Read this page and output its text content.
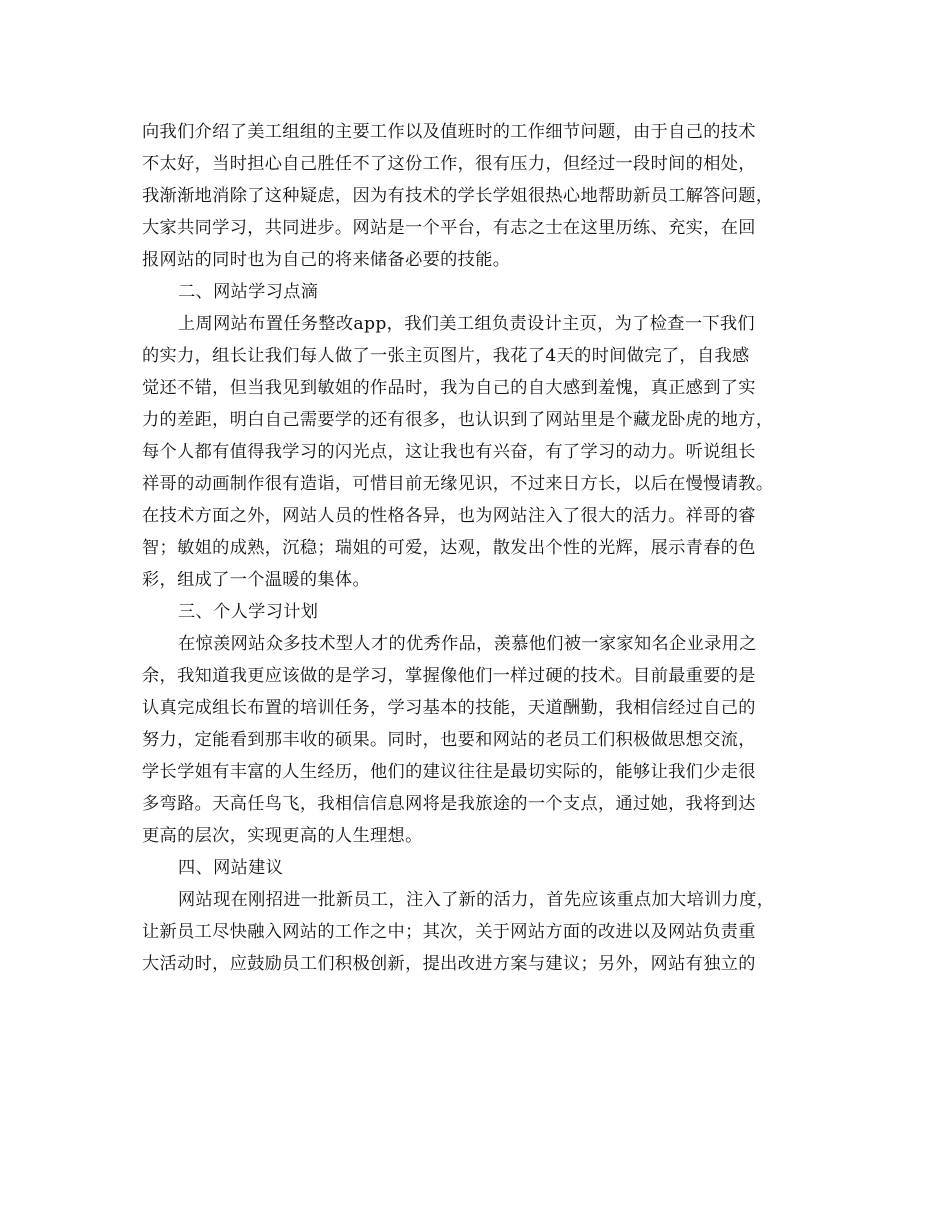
向我们介绍了美工组组的主要工作以及值班时的工作细节问题，由于自己的技术
不太好，当时担心自己胜任不了这份工作，很有压力，但经过一段时间的相处，
我渐渐地消除了这种疑虑，因为有技术的学长学姐很热心地帮助新员工解答问题，
大家共同学习，共同进步。网站是一个平台，有志之士在这里历练、充实，在回
报网站的同时也为自己的将来储备必要的技能。
二、网站学习点滴
上周网站布置任务整改app，我们美工组负责设计主页，为了检查一下我们
的实力，组长让我们每人做了一张主页图片，我花了4天的时间做完了，自我感
觉还不错，但当我见到敏姐的作品时，我为自己的自大感到羞愧，真正感到了实
力的差距，明白自己需要学的还有很多，也认识到了网站里是个藏龙卧虎的地方，
每个人都有值得我学习的闪光点，这让我也有兴奋，有了学习的动力。听说组长
祥哥的动画制作很有造诣，可惜目前无缘见识，不过来日方长，以后在慢慢请教。
在技术方面之外，网站人员的性格各异，也为网站注入了很大的活力。祥哥的睿
智；敏姐的成熟，沉稳；瑞姐的可爱，达观，散发出个性的光辉，展示青春的色
彩，组成了一个温暖的集体。
三、个人学习计划
在惊羡网站众多技术型人才的优秀作品，羡慕他们被一家家知名企业录用之
余，我知道我更应该做的是学习，掌握像他们一样过硬的技术。目前最重要的是
认真完成组长布置的培训任务，学习基本的技能，天道酬勤，我相信经过自己的
努力，定能看到那丰收的硕果。同时，也要和网站的老员工们积极做思想交流，
学长学姐有丰富的人生经历，他们的建议往往是最切实际的，能够让我们少走很
多弯路。天高任鸟飞，我相信信息网将是我旅途的一个支点，通过她，我将到达
更高的层次，实现更高的人生理想。
四、网站建议
网站现在刚招进一批新员工，注入了新的活力，首先应该重点加大培训力度，
让新员工尽快融入网站的工作之中；其次，关于网站方面的改进以及网站负责重
大活动时，应鼓励员工们积极创新，提出改进方案与建议；另外，网站有独立的
